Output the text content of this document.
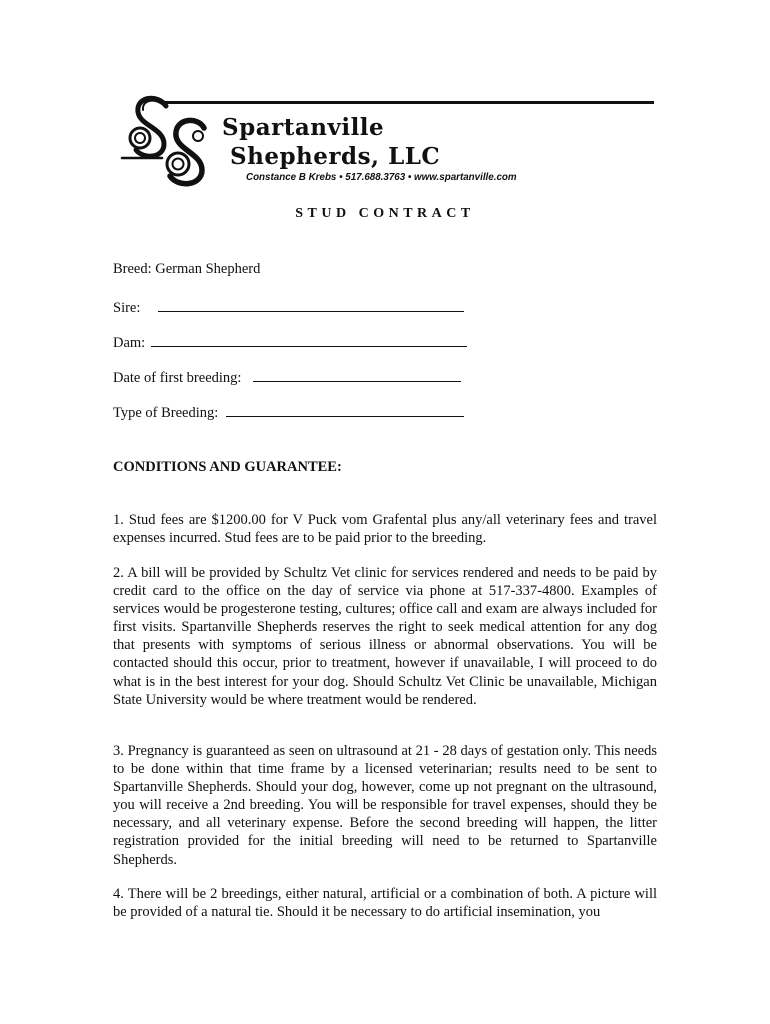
Spartanville
Shepherds, LLC
Constance B Krebs • 517.688.3763 • www.spartanville.com
STUD CONTRACT
Breed: German Shepherd
Sire:
Dam:
Date of first breeding:
Type of Breeding:
CONDITIONS AND GUARANTEE:
1. Stud fees are $1200.00 for V Puck vom Grafental plus any/all veterinary fees and travel expenses incurred. Stud fees are to be paid prior to the breeding.
2. A bill will be provided by Schultz Vet clinic for services rendered and needs to be paid by credit card to the office on the day of service via phone at 517-337-4800. Examples of services would be progesterone testing, cultures; office call and exam are always included for first visits. Spartanville Shepherds reserves the right to seek medical attention for any dog that presents with symptoms of serious illness or abnormal observations. You will be contacted should this occur, prior to treatment, however if unavailable, I will proceed to do what is in the best interest for your dog. Should Schultz Vet Clinic be unavailable, Michigan State University would be where treatment would be rendered.
3. Pregnancy is guaranteed as seen on ultrasound at 21 - 28 days of gestation only. This needs to be done within that time frame by a licensed veterinarian; results need to be sent to Spartanville Shepherds. Should your dog, however, come up not pregnant on the ultrasound, you will receive a 2nd breeding. You will be responsible for travel expenses, should they be necessary, and all veterinary expense. Before the second breeding will happen, the litter registration provided for the initial breeding will need to be returned to Spartanville Shepherds.
4. There will be 2 breedings, either natural, artificial or a combination of both. A picture will be provided of a natural tie. Should it be necessary to do artificial insemination, you
